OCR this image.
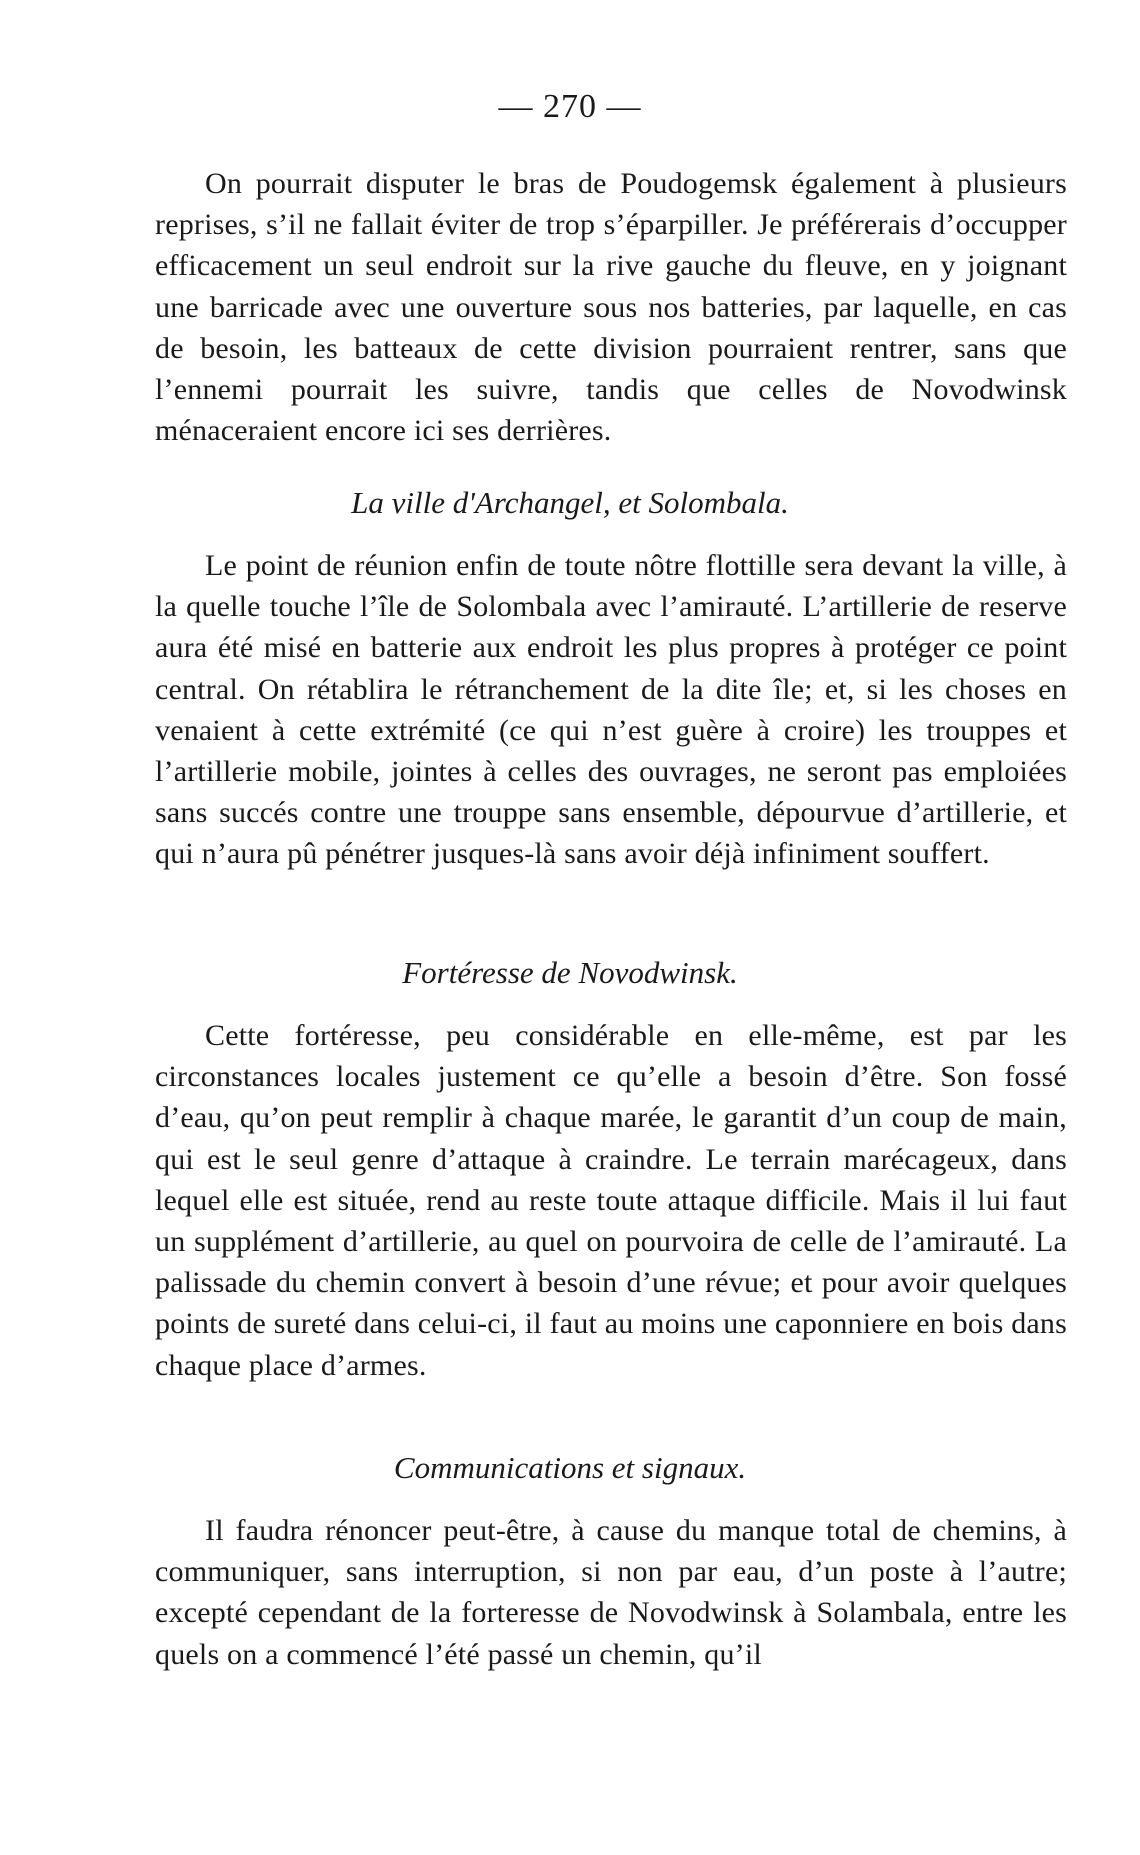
— 270 —

On pourrait disputer le bras de Poudogemsk également à plusieurs reprises, s’il ne fallait éviter de trop s’éparpiller. Je préférerais d’occupper efficacement un seul endroit sur la rive gauche du fleuve, en y joignant une barricade avec une ouverture sous nos batteries, par laquelle, en cas de besoin, les batteaux de cette division pourraient rentrer, sans que l’ennemi pourrait les suivre, tandis que celles de Novodwinsk ménaceraient encore ici ses derrières.

La ville d'Archangel, et Solombala.

Le point de réunion enfin de toute nôtre flottille sera devant la ville, à la quelle touche l’île de Solombala avec l’amirauté. L’artillerie de reserve aura été misé en batterie aux endroit les plus propres à protéger ce point central. On rétablira le rétranchement de la dite île; et, si les choses en venaient à cette extrémité (ce qui n’est guère à croire) les trouppes et l’artillerie mobile, jointes à celles des ouvrages, ne seront pas emploiées sans succés contre une trouppe sans ensemble, dépourvue d’artillerie, et qui n’aura pû pénétrer jusques-là sans avoir déjà infiniment souffert.

Fortéresse de Novodwinsk.

Cette fortéresse, peu considérable en elle-même, est par les circonstances locales justement ce qu’elle a besoin d’être. Son fossé d’eau, qu’on peut remplir à chaque marée, le garantit d’un coup de main, qui est le seul genre d’attaque à craindre. Le terrain marécageux, dans lequel elle est située, rend au reste toute attaque difficile. Mais il lui faut un supplément d’artillerie, au quel on pourvoira de celle de l’amirauté. La palissade du chemin convert à besoin d’une révue; et pour avoir quelques points de sureté dans celui-ci, il faut au moins une caponniere en bois dans chaque place d’armes.

Communications et signaux.

Il faudra rénoncer peut-être, à cause du manque total de chemins, à communiquer, sans interruption, si non par eau, d’un poste à l’autre; excepté cependant de la forteresse de Novodwinsk à Solambala, entre les quels on a commencé l’été passé un chemin, qu’il
